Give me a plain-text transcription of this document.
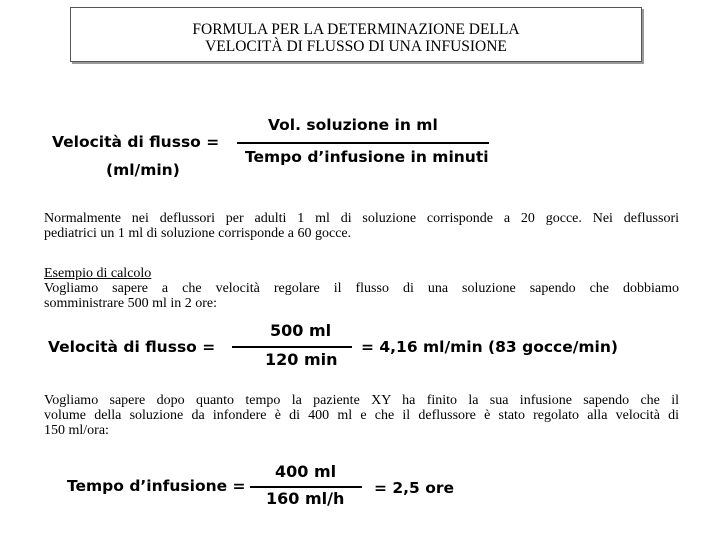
FORMULA PER LA DETERMINAZIONE DELLA
VELOCITÀ DI FLUSSO DI UNA INFUSIONE
Velocità di flusso =
(ml/min)
Vol. soluzione in ml
Tempo d’infusione in minuti
Normalmente nei deflussori per adulti 1 ml di soluzione corrisponde a 20 gocce. Nei deflussori
pediatrici un 1 ml di soluzione corrisponde a 60 gocce.
Esempio di calcolo
Vogliamo sapere a che velocità regolare il flusso di una soluzione sapendo che dobbiamo
somministrare 500 ml in 2 ore:
Velocità di flusso =
500 ml
120 min
= 4,16 ml/min (83 gocce/min)
Vogliamo sapere dopo quanto tempo la paziente XY ha finito la sua infusione sapendo che il
volume della soluzione da infondere è di 400 ml e che il deflussore è stato regolato alla velocità di
150 ml/ora:
Tempo d’infusione =
400 ml
160 ml/h
= 2,5 ore
